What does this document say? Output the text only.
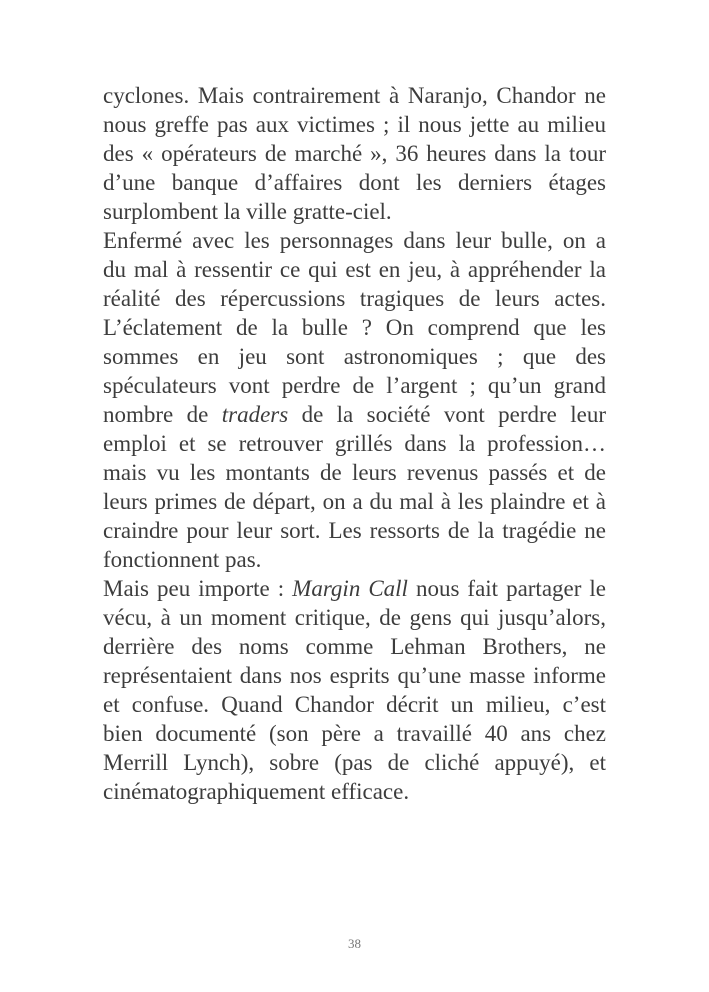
cyclones. Mais contrairement à Naranjo, Chandor ne
nous greffe pas aux victimes ; il nous jette au milieu
des « opérateurs de marché », 36 heures dans la tour
d’une banque d’affaires dont les derniers étages
surplombent la ville gratte-ciel.
Enfermé avec les personnages dans leur bulle, on a
du mal à ressentir ce qui est en jeu, à appréhender la
réalité des répercussions tragiques de leurs actes.
L’éclatement de la bulle ? On comprend que les
sommes en jeu sont astronomiques ; que des
spéculateurs vont perdre de l’argent ; qu’un grand
nombre de traders de la société vont perdre leur
emploi et se retrouver grillés dans la profession…
mais vu les montants de leurs revenus passés et de
leurs primes de départ, on a du mal à les plaindre et à
craindre pour leur sort. Les ressorts de la tragédie ne
fonctionnent pas.
Mais peu importe : Margin Call nous fait partager le
vécu, à un moment critique, de gens qui jusqu’alors,
derrière des noms comme Lehman Brothers, ne
représentaient dans nos esprits qu’une masse informe
et confuse. Quand Chandor décrit un milieu, c’est
bien documenté (son père a travaillé 40 ans chez
Merrill Lynch), sobre (pas de cliché appuyé), et
cinématographiquement efficace.
38
